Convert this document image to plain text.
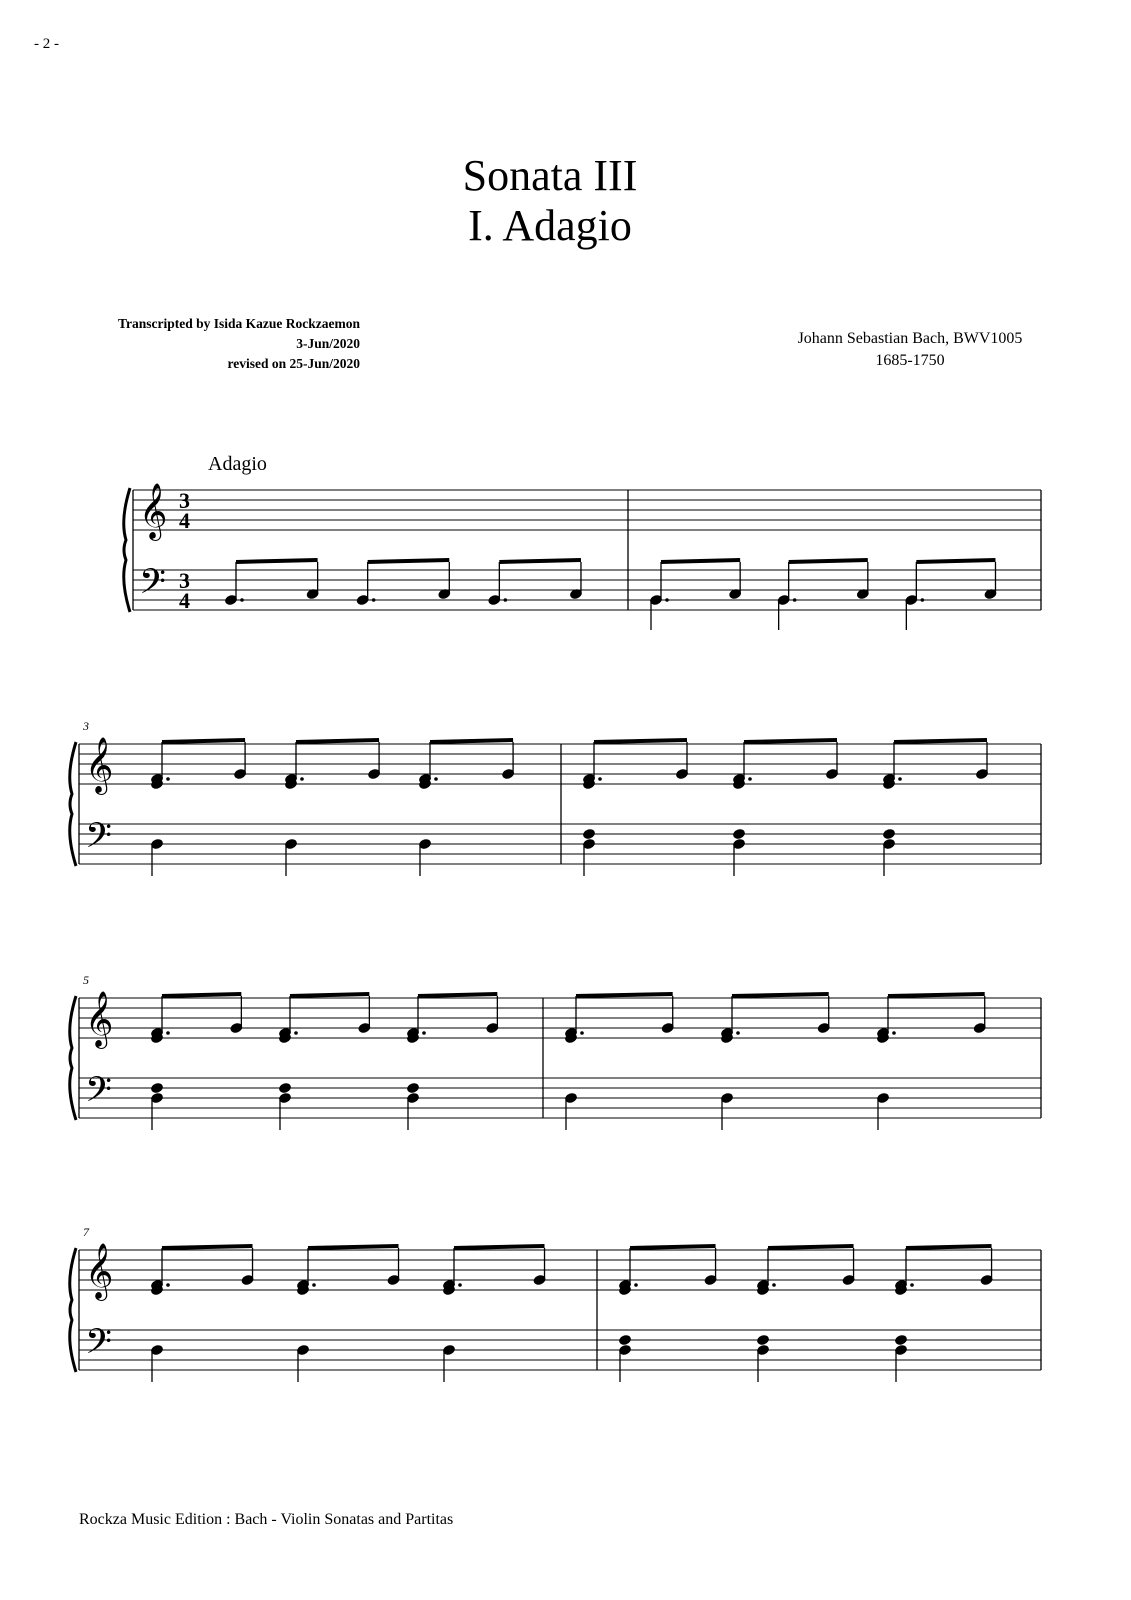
- 2 -
Sonata III
I. Adagio
Transcripted by Isida Kazue Rockzaemon
3-Jun/2020
revised on 25-Jun/2020
Johann Sebastian Bach, BWV1005
1685-1750
Adagio
𝄞
𝄢
3
4
3
4
𝄞
𝄢
3
𝄞
𝄢
5
𝄞
𝄢
7
Rockza Music Edition : Bach - Violin Sonatas and Partitas
